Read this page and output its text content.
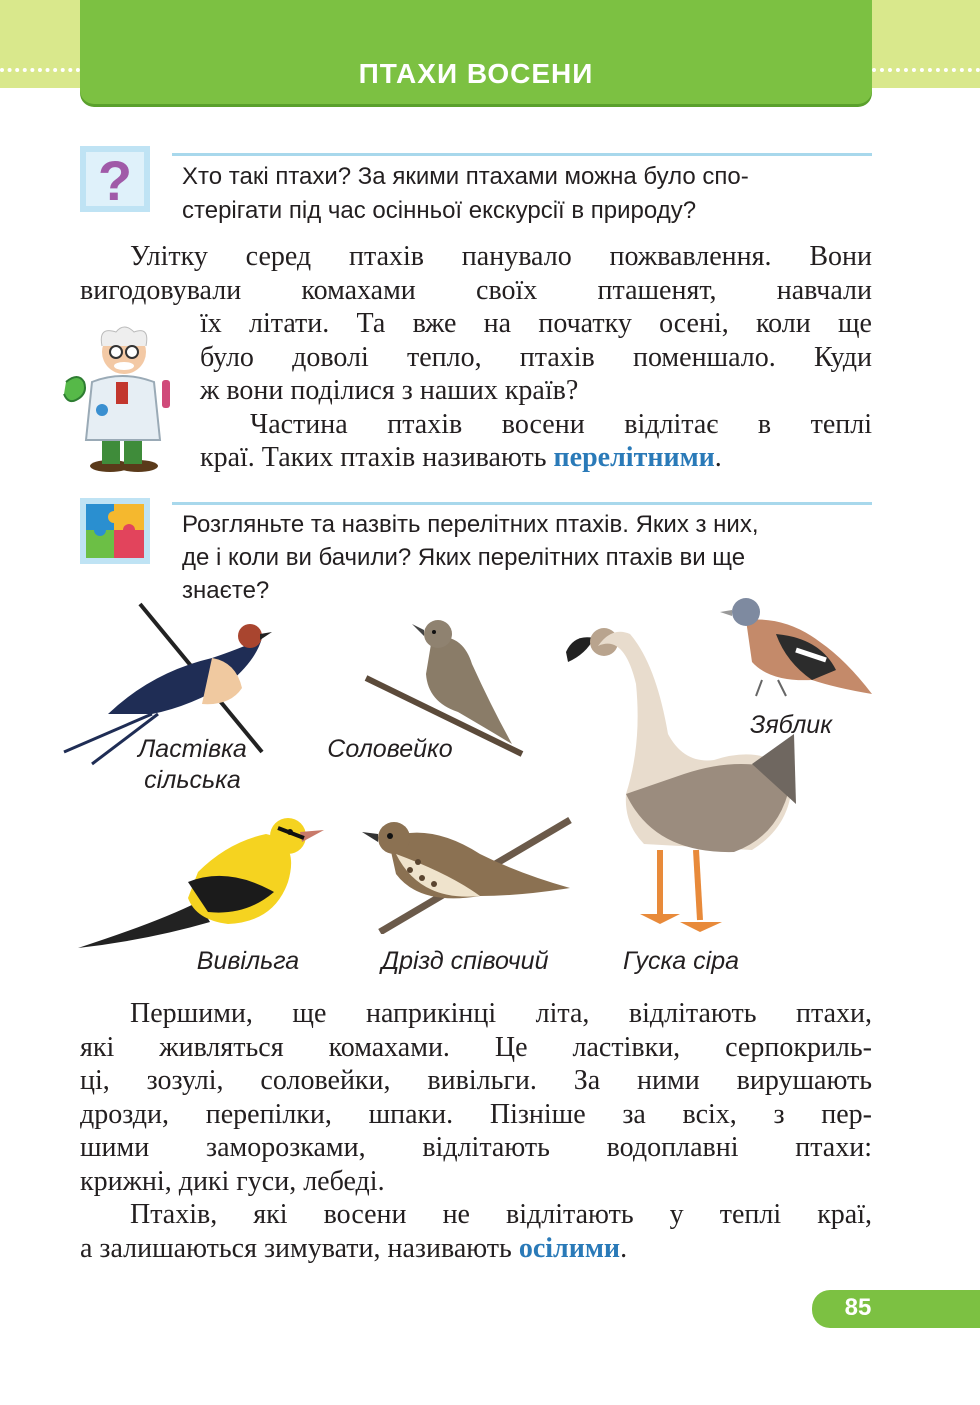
ПТАХИ ВОСЕНИ
? Хто такі птахи? За якими птахами можна було спо-
стерігати під час осінньої екскурсії в природу?

Улітку серед птахів панувало пожвавлення. Вони

вигодовували комахами своїх пташенят, навчали

їх літати. Та вже на початку осені, коли ще

було доволі тепло, птахів поменшало. Куди

ж вони поділися з наших країв?

Частина птахів восени відлітає в теплі

краї. Таких птахів називають перелітними.

Розгляньте та назвіть перелітних птахів. Яких з них,
де і коли ви бачили? Яких перелітних птахів ви ще
знаєте?
Ластівка
сільська
Соловейко
Зяблик
Вивільга	Дрізд співочий	Гуска сіра

Першими, ще наприкінці літа, відлітають птахи,

які живляться комахами. Це ластівки, серпокриль-

ці, зозулі, соловейки, вивільги. За ними вирушають

дрозди, перепілки, шпаки. Пізніше за всіх, з пер-

шими заморозками, відлітають водоплавні птахи:

крижні, дикі гуси, лебеді.

Птахів, які восени не відлітають у теплі краї,

а залишаються зимувати, називають осілими.

85
